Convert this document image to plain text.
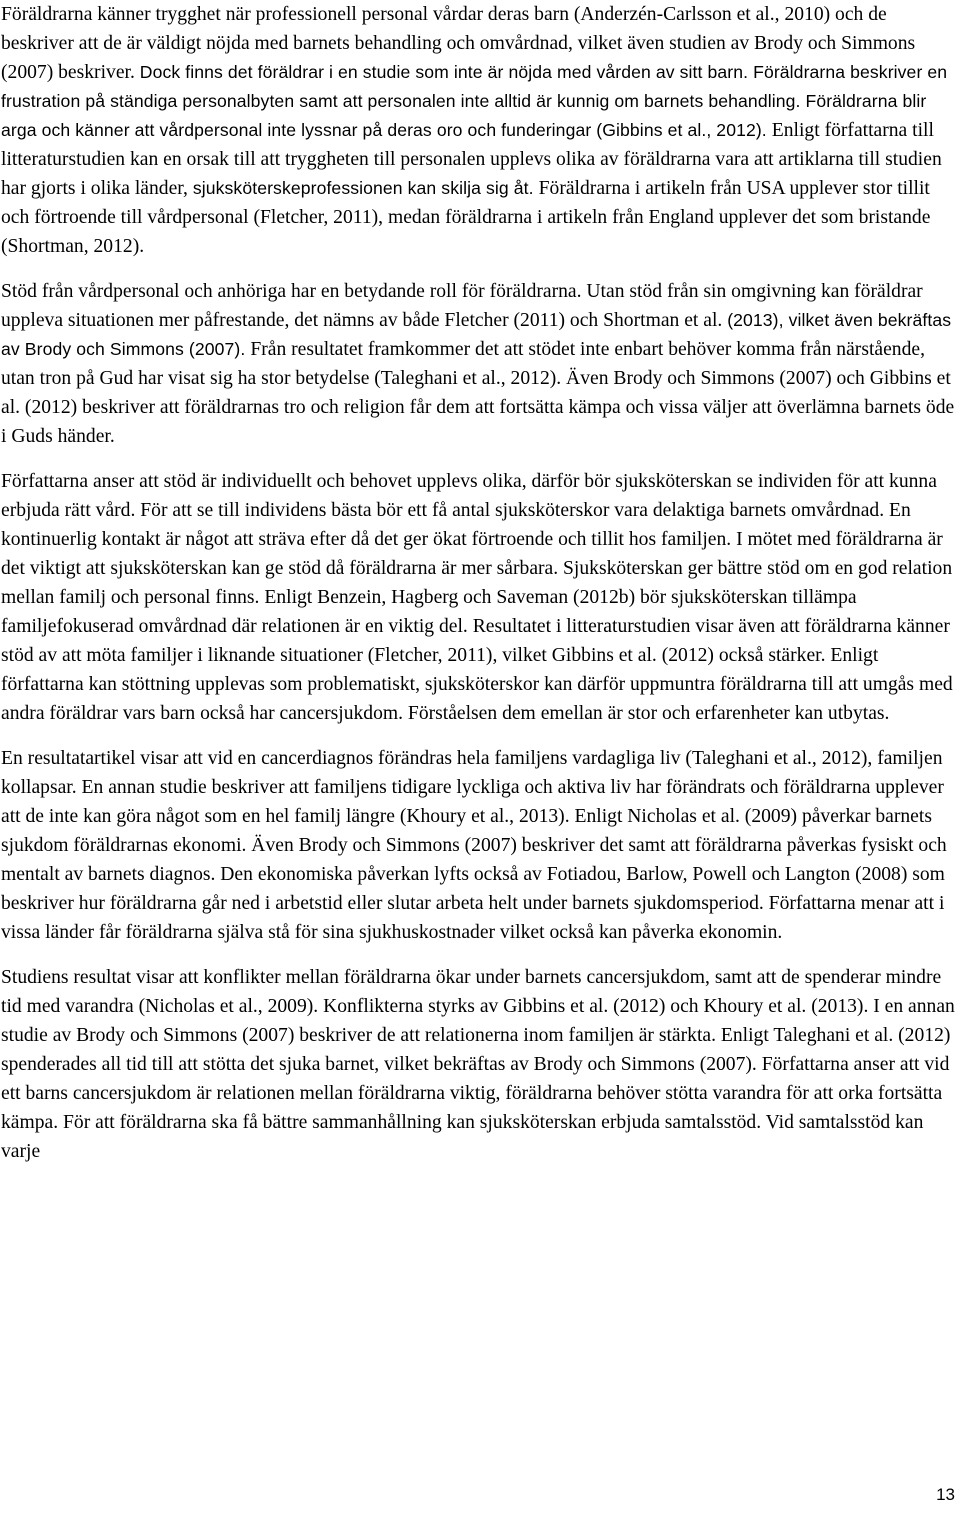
Föräldrarna känner trygghet när professionell personal vårdar deras barn (Anderzén-Carlsson et al., 2010) och de beskriver att de är väldigt nöjda med barnets behandling och omvårdnad, vilket även studien av Brody och Simmons (2007) beskriver. Dock finns det föräldrar i en studie som inte är nöjda med vården av sitt barn. Föräldrarna beskriver en frustration på ständiga personalbyten samt att personalen inte alltid är kunnig om barnets behandling. Föräldrarna blir arga och känner att vårdpersonal inte lyssnar på deras oro och funderingar (Gibbins et al., 2012). Enligt författarna till litteraturstudien kan en orsak till att tryggheten till personalen upplevs olika av föräldrarna vara att artiklarna till studien har gjorts i olika länder, sjuksköterskeprofessionen kan skilja sig åt. Föräldrarna i artikeln från USA upplever stor tillit och förtroende till vårdpersonal (Fletcher, 2011), medan föräldrarna i artikeln från England upplever det som bristande (Shortman, 2012).

Stöd från vårdpersonal och anhöriga har en betydande roll för föräldrarna. Utan stöd från sin omgivning kan föräldrar uppleva situationen mer påfrestande, det nämns av både Fletcher (2011) och Shortman et al. (2013), vilket även bekräftas av Brody och Simmons (2007). Från resultatet framkommer det att stödet inte enbart behöver komma från närstående, utan tron på Gud har visat sig ha stor betydelse (Taleghani et al., 2012). Även Brody och Simmons (2007) och Gibbins et al. (2012) beskriver att föräldrarnas tro och religion får dem att fortsätta kämpa och vissa väljer att överlämna barnets öde i Guds händer.

Författarna anser att stöd är individuellt och behovet upplevs olika, därför bör sjuksköterskan se individen för att kunna erbjuda rätt vård. För att se till individens bästa bör ett få antal sjuksköterskor vara delaktiga barnets omvårdnad. En kontinuerlig kontakt är något att sträva efter då det ger ökat förtroende och tillit hos familjen. I mötet med föräldrarna är det viktigt att sjuksköterskan kan ge stöd då föräldrarna är mer sårbara. Sjuksköterskan ger bättre stöd om en god relation mellan familj och personal finns. Enligt Benzein, Hagberg och Saveman (2012b) bör sjuksköterskan tillämpa familjefokuserad omvårdnad där relationen är en viktig del. Resultatet i litteraturstudien visar även att föräldrarna känner stöd av att möta familjer i liknande situationer (Fletcher, 2011), vilket Gibbins et al. (2012) också stärker. Enligt författarna kan stöttning upplevas som problematiskt, sjuksköterskor kan därför uppmuntra föräldrarna till att umgås med andra föräldrar vars barn också har cancersjukdom. Förståelsen dem emellan är stor och erfarenheter kan utbytas.

En resultatartikel visar att vid en cancerdiagnos förändras hela familjens vardagliga liv (Taleghani et al., 2012), familjen kollapsar. En annan studie beskriver att familjens tidigare lyckliga och aktiva liv har förändrats och föräldrarna upplever att de inte kan göra något som en hel familj längre (Khoury et al., 2013). Enligt Nicholas et al. (2009) påverkar barnets sjukdom föräldrarnas ekonomi. Även Brody och Simmons (2007) beskriver det samt att föräldrarna påverkas fysiskt och mentalt av barnets diagnos. Den ekonomiska påverkan lyfts också av Fotiadou, Barlow, Powell och Langton (2008) som beskriver hur föräldrarna går ned i arbetstid eller slutar arbeta helt under barnets sjukdomsperiod. Författarna menar att i vissa länder får föräldrarna själva stå för sina sjukhuskostnader vilket också kan påverka ekonomin.

Studiens resultat visar att konflikter mellan föräldrarna ökar under barnets cancersjukdom, samt att de spenderar mindre tid med varandra (Nicholas et al., 2009). Konflikterna styrks av Gibbins et al. (2012) och Khoury et al. (2013). I en annan studie av Brody och Simmons (2007) beskriver de att relationerna inom familjen är stärkta. Enligt Taleghani et al. (2012) spenderades all tid till att stötta det sjuka barnet, vilket bekräftas av Brody och Simmons (2007). Författarna anser att vid ett barns cancersjukdom är relationen mellan föräldrarna viktig, föräldrarna behöver stötta varandra för att orka fortsätta kämpa. För att föräldrarna ska få bättre sammanhållning kan sjuksköterskan erbjuda samtalsstöd. Vid samtalsstöd kan varje

13
